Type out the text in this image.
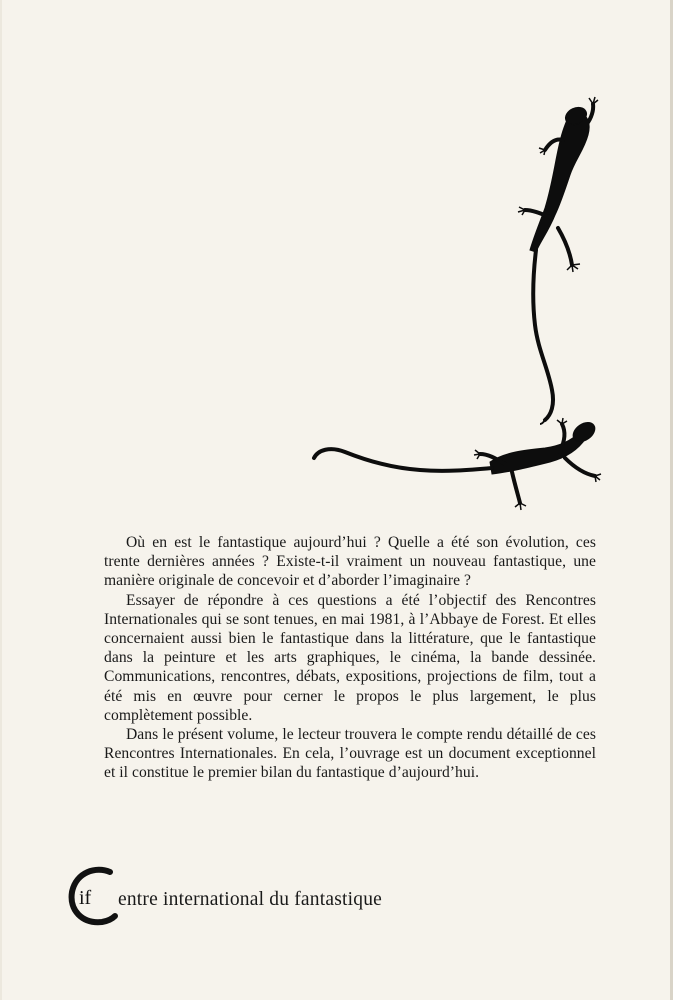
Où en est le fantastique aujourd’hui ? Quelle a été son évolution, ces trente dernières années ? Existe-t-il vraiment un nouveau fantastique, une manière originale de concevoir et d’aborder l’imaginaire ?

Essayer de répondre à ces questions a été l’objectif des Rencontres Internationales qui se sont tenues, en mai 1981, à l’Abbaye de Forest. Et elles concernaient aussi bien le fantastique dans la littérature, que le fantastique dans la peinture et les arts graphiques, le cinéma, la bande dessinée. Communications, rencontres, débats, expositions, projections de film, tout a été mis en œuvre pour cerner le propos le plus largement, le plus complètement possible.

Dans le présent volume, le lecteur trouvera le compte rendu détaillé de ces Rencontres Internationales. En cela, l’ouvrage est un document exceptionnel et il constitue le premier bilan du fantastique d’aujourd’hui.

if entre international du fantastique
